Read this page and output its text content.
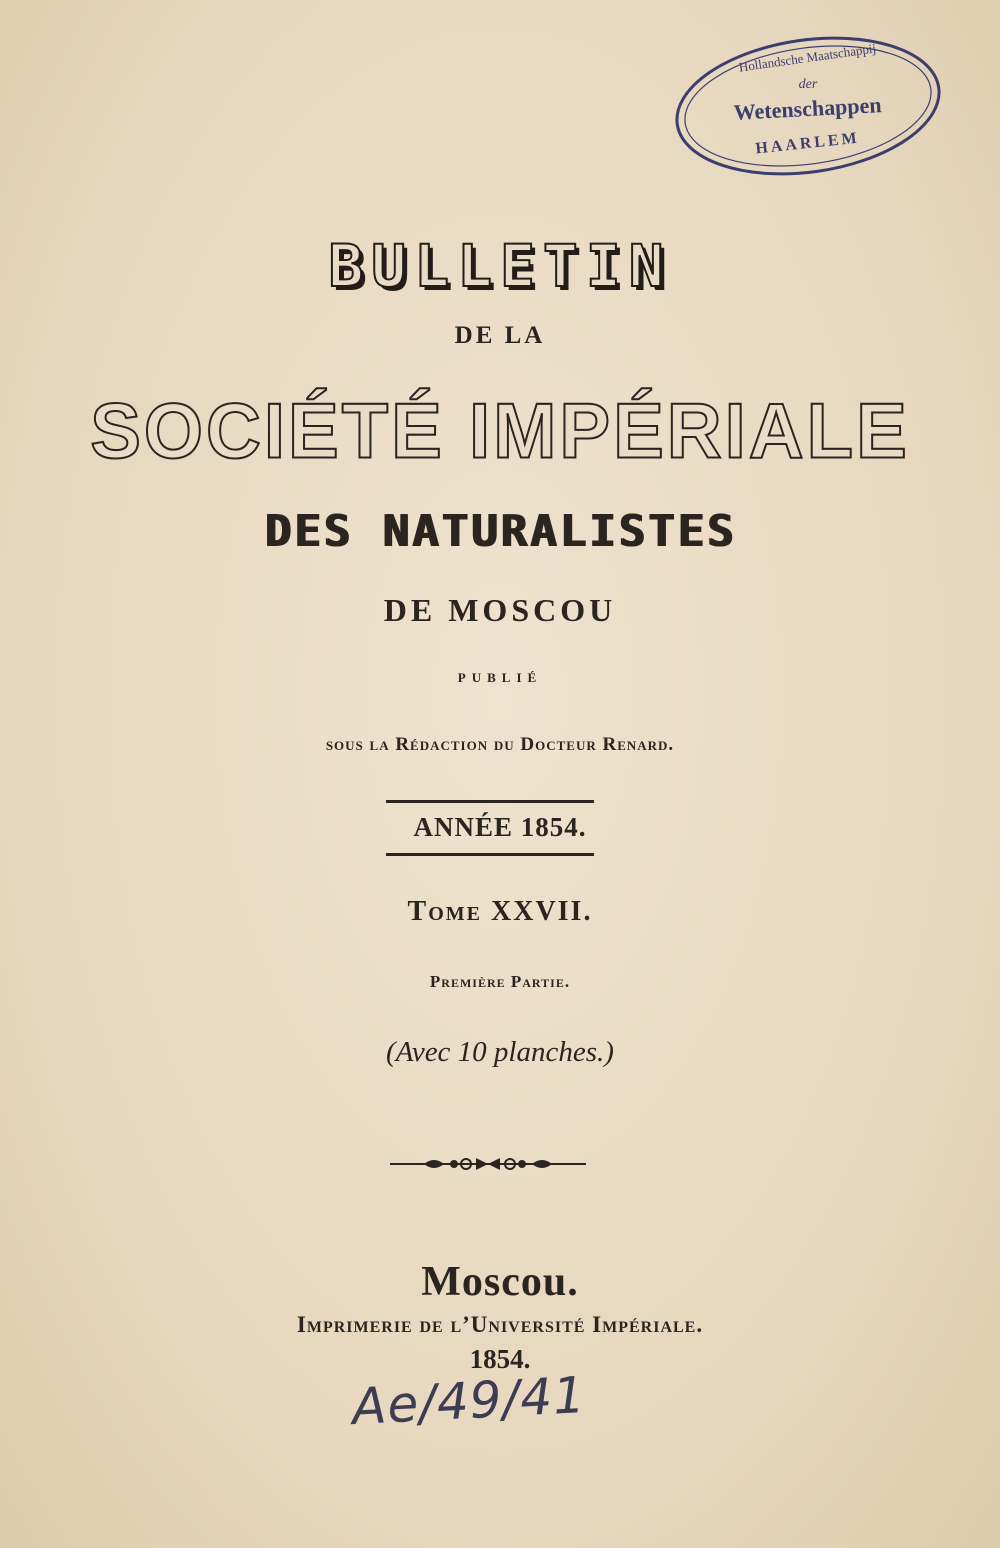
Hollandsche Maatschappij
der
Wetenschappen
HAARLEM
BULLETIN
DE LA
SOCIÉTÉ IMPÉRIALE
DES NATURALISTES
DE MOSCOU
PUBLIÉ
sous la Rédaction du Docteur Renard.
ANNÉE 1854.
Tome XXVII.
Première Partie.
(Avec 10 planches.)
Moscou.
Imprimerie de l’Université Impériale.
1854.
Ae/49/41
